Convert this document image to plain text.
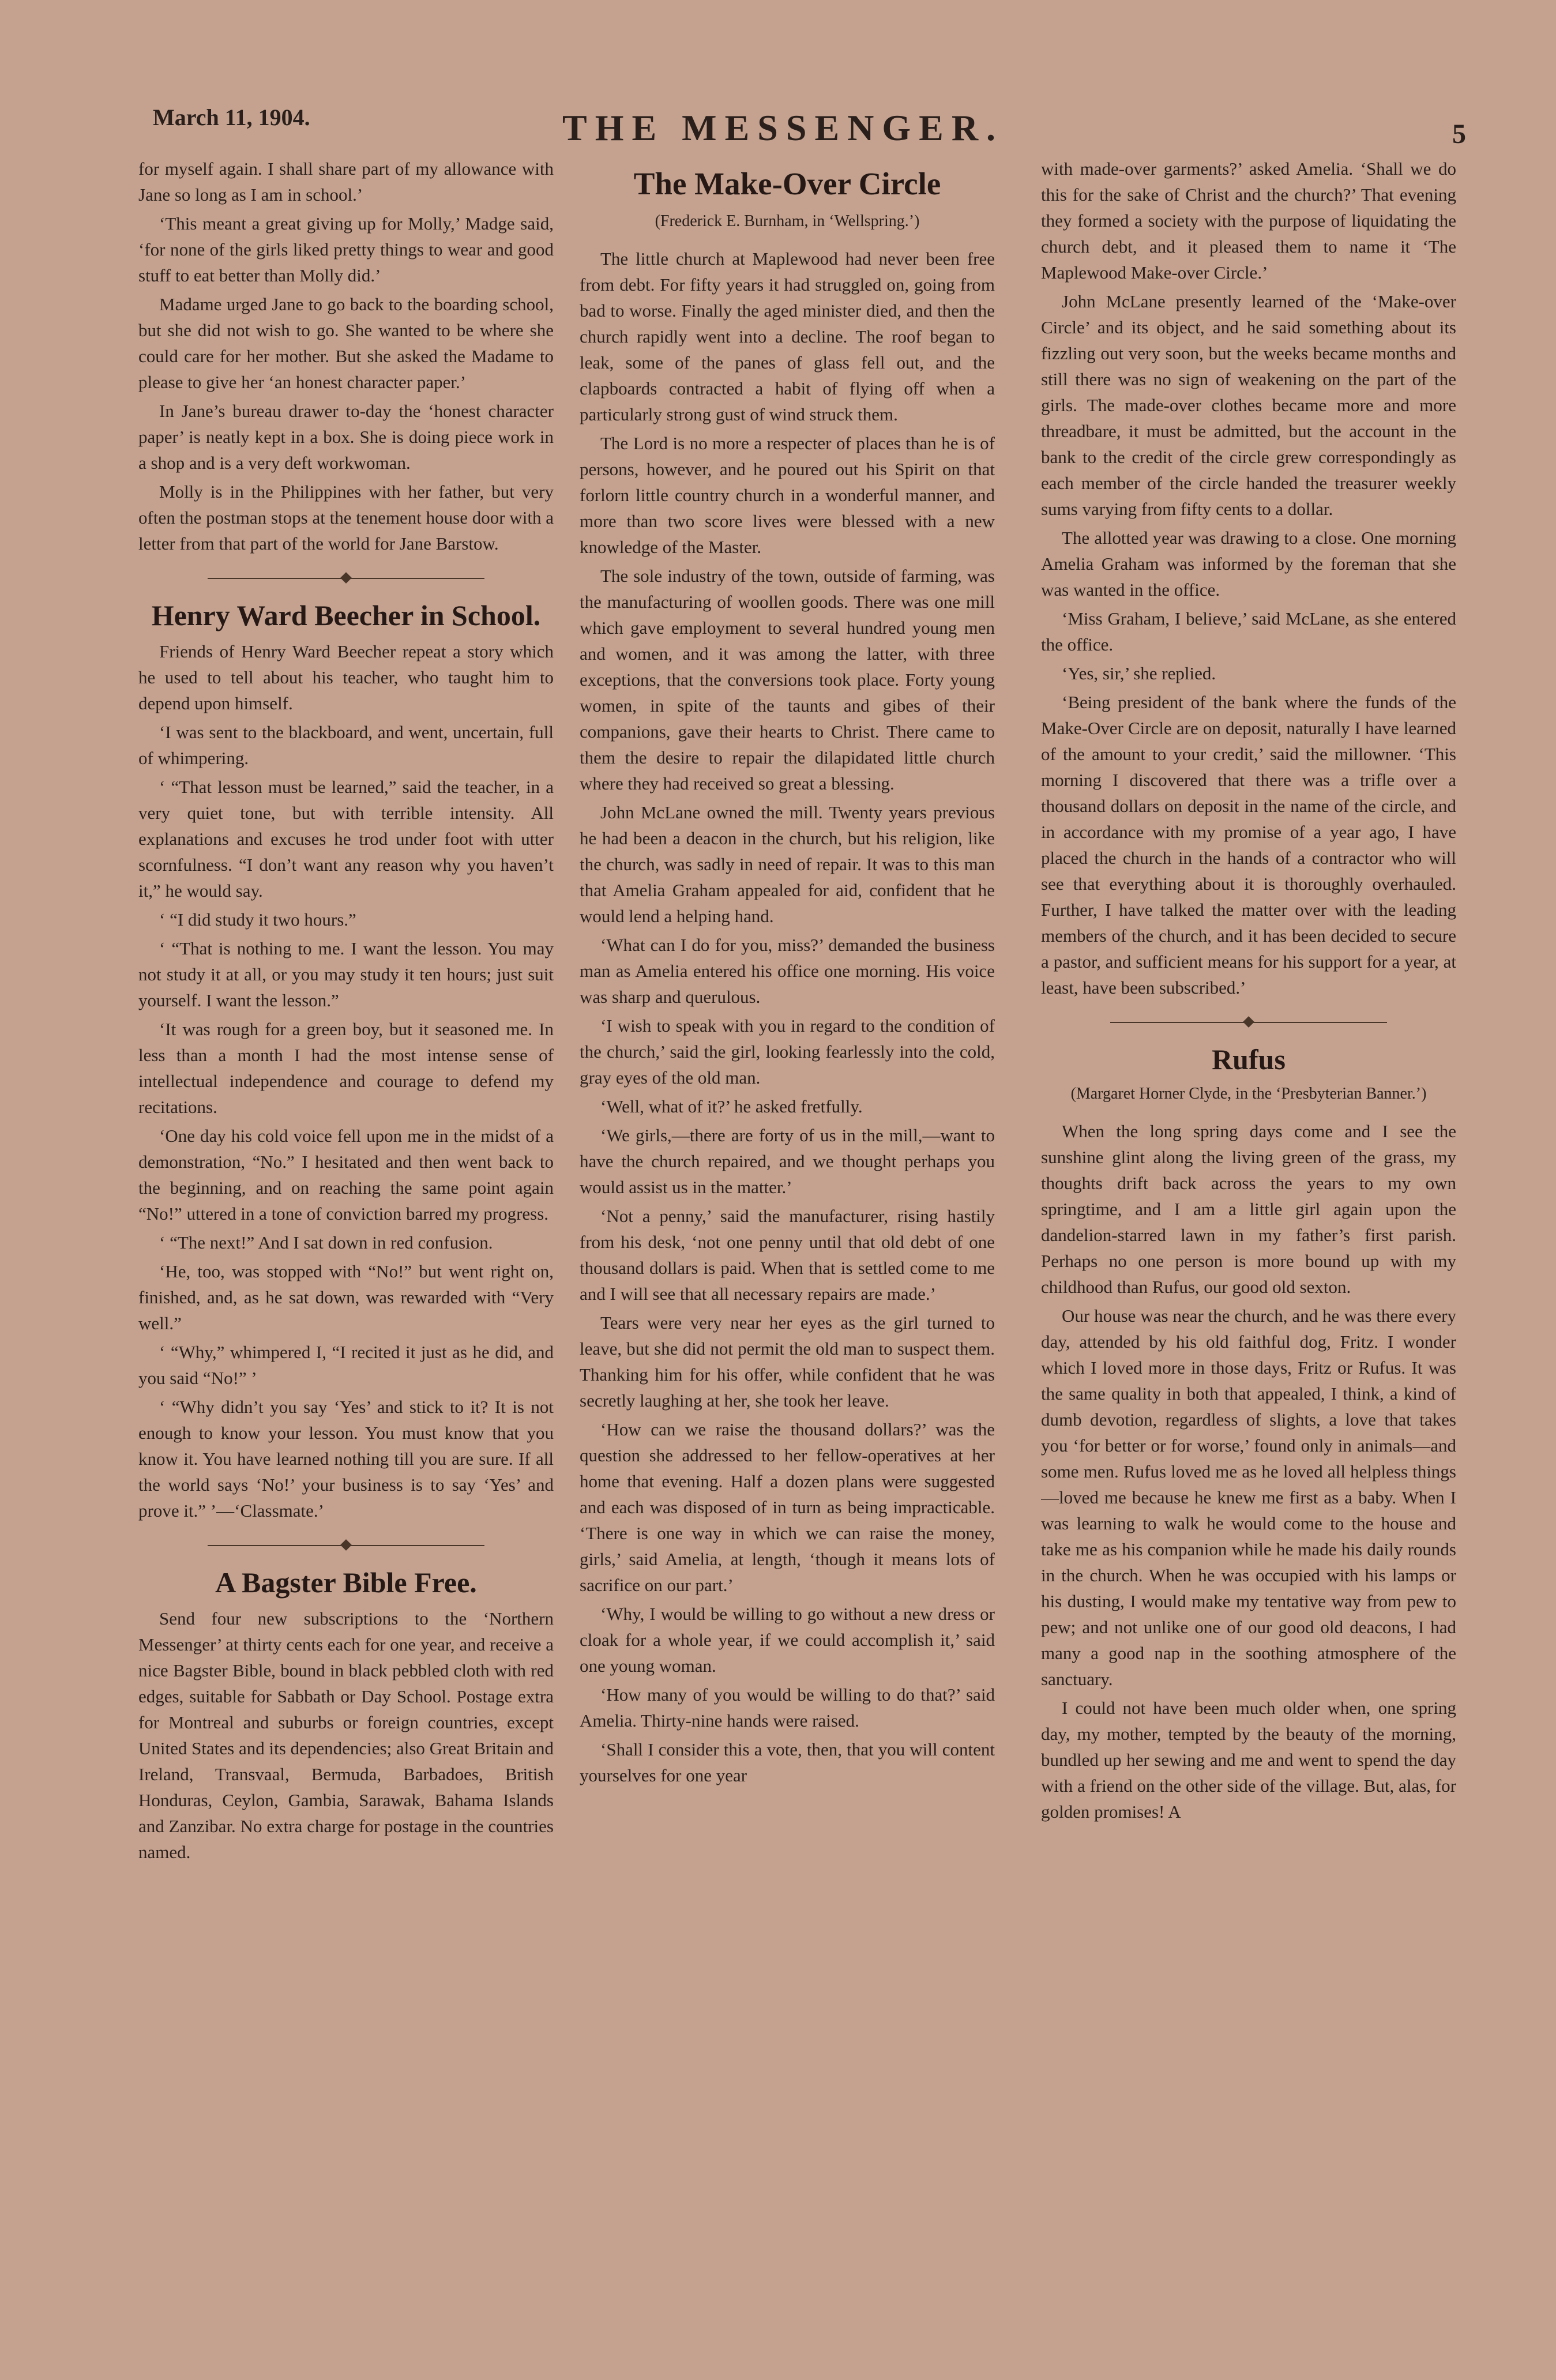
March 11, 1904.	THE MESSENGER.	5

for myself again. I shall share part of my allowance with Jane so long as I am in school.’

‘This meant a great giving up for Molly,’ Madge said, ‘for none of the girls liked pretty things to wear and good stuff to eat better than Molly did.’

Madame urged Jane to go back to the boarding school, but she did not wish to go. She wanted to be where she could care for her mother. But she asked the Madame to please to give her ‘an honest character paper.’

In Jane’s bureau drawer to-day the ‘honest character paper’ is neatly kept in a box. She is doing piece work in a shop and is a very deft workwoman.

Molly is in the Philippines with her father, but very often the postman stops at the tenement house door with a letter from that part of the world for Jane Barstow.

Henry Ward Beecher in School.

Friends of Henry Ward Beecher repeat a story which he used to tell about his teacher, who taught him to depend upon himself.

‘I was sent to the blackboard, and went, uncertain, full of whimpering.

‘ “That lesson must be learned,” said the teacher, in a very quiet tone, but with terrible intensity. All explanations and excuses he trod under foot with utter scornfulness. “I don’t want any reason why you haven’t it,” he would say.

‘ “I did study it two hours.”

‘ “That is nothing to me. I want the lesson. You may not study it at all, or you may study it ten hours; just suit yourself. I want the lesson.”

‘It was rough for a green boy, but it seasoned me. In less than a month I had the most intense sense of intellectual independence and courage to defend my recitations.

‘One day his cold voice fell upon me in the midst of a demonstration, “No.” I hesitated and then went back to the beginning, and on reaching the same point again “No!” uttered in a tone of conviction barred my progress.

‘ “The next!” And I sat down in red confusion.

‘He, too, was stopped with “No!” but went right on, finished, and, as he sat down, was rewarded with “Very well.”

‘ “Why,” whimpered I, “I recited it just as he did, and you said “No!” ’

‘ “Why didn’t you say ‘Yes’ and stick to it? It is not enough to know your lesson. You must know that you know it. You have learned nothing till you are sure. If all the world says ‘No!’ your business is to say ‘Yes’ and prove it.” ’—‘Classmate.’

A Bagster Bible Free.

Send four new subscriptions to the ‘Northern Messenger’ at thirty cents each for one year, and receive a nice Bagster Bible, bound in black pebbled cloth with red edges, suitable for Sabbath or Day School. Postage extra for Montreal and suburbs or foreign countries, except United States and its dependencies; also Great Britain and Ireland, Transvaal, Bermuda, Barbadoes, British Honduras, Ceylon, Gambia, Sarawak, Bahama Islands and Zanzibar. No extra charge for postage in the countries named.

The Make-Over Circle
(Frederick E. Burnham, in ‘Wellspring.’)

The little church at Maplewood had never been free from debt. For fifty years it had struggled on, going from bad to worse. Finally the aged minister died, and then the church rapidly went into a decline. The roof began to leak, some of the panes of glass fell out, and the clapboards contracted a habit of flying off when a particularly strong gust of wind struck them.

The Lord is no more a respecter of places than he is of persons, however, and he poured out his Spirit on that forlorn little country church in a wonderful manner, and more than two score lives were blessed with a new knowledge of the Master.

The sole industry of the town, outside of farming, was the manufacturing of woollen goods. There was one mill which gave employment to several hundred young men and women, and it was among the latter, with three exceptions, that the conversions took place. Forty young women, in spite of the taunts and gibes of their companions, gave their hearts to Christ. There came to them the desire to repair the dilapidated little church where they had received so great a blessing.

John McLane owned the mill. Twenty years previous he had been a deacon in the church, but his religion, like the church, was sadly in need of repair. It was to this man that Amelia Graham appealed for aid, confident that he would lend a helping hand.

‘What can I do for you, miss?’ demanded the business man as Amelia entered his office one morning. His voice was sharp and querulous.

‘I wish to speak with you in regard to the condition of the church,’ said the girl, looking fearlessly into the cold, gray eyes of the old man.

‘Well, what of it?’ he asked fretfully.

‘We girls,—there are forty of us in the mill,—want to have the church repaired, and we thought perhaps you would assist us in the matter.’

‘Not a penny,’ said the manufacturer, rising hastily from his desk, ‘not one penny until that old debt of one thousand dollars is paid. When that is settled come to me and I will see that all necessary repairs are made.’

Tears were very near her eyes as the girl turned to leave, but she did not permit the old man to suspect them. Thanking him for his offer, while confident that he was secretly laughing at her, she took her leave.

‘How can we raise the thousand dollars?’ was the question she addressed to her fellow-operatives at her home that evening. Half a dozen plans were suggested and each was disposed of in turn as being impracticable. ‘There is one way in which we can raise the money, girls,’ said Amelia, at length, ‘though it means lots of sacrifice on our part.’

‘Why, I would be willing to go without a new dress or cloak for a whole year, if we could accomplish it,’ said one young woman.

‘How many of you would be willing to do that?’ said Amelia. Thirty-nine hands were raised.

‘Shall I consider this a vote, then, that you will content yourselves for one year

with made-over garments?’ asked Amelia. ‘Shall we do this for the sake of Christ and the church?’ That evening they formed a society with the purpose of liquidating the church debt, and it pleased them to name it ‘The Maplewood Make-over Circle.’

John McLane presently learned of the ‘Make-over Circle’ and its object, and he said something about its fizzling out very soon, but the weeks became months and still there was no sign of weakening on the part of the girls. The made-over clothes became more and more threadbare, it must be admitted, but the account in the bank to the credit of the circle grew correspondingly as each member of the circle handed the treasurer weekly sums varying from fifty cents to a dollar.

The allotted year was drawing to a close. One morning Amelia Graham was informed by the foreman that she was wanted in the office.

‘Miss Graham, I believe,’ said McLane, as she entered the office.

‘Yes, sir,’ she replied.

‘Being president of the bank where the funds of the Make-Over Circle are on deposit, naturally I have learned of the amount to your credit,’ said the millowner. ‘This morning I discovered that there was a trifle over a thousand dollars on deposit in the name of the circle, and in accordance with my promise of a year ago, I have placed the church in the hands of a contractor who will see that everything about it is thoroughly overhauled. Further, I have talked the matter over with the leading members of the church, and it has been decided to secure a pastor, and sufficient means for his support for a year, at least, have been subscribed.’

Rufus
(Margaret Horner Clyde, in the ‘Presbyterian Banner.’)

When the long spring days come and I see the sunshine glint along the living green of the grass, my thoughts drift back across the years to my own springtime, and I am a little girl again upon the dandelion-starred lawn in my father’s first parish. Perhaps no one person is more bound up with my childhood than Rufus, our good old sexton.

Our house was near the church, and he was there every day, attended by his old faithful dog, Fritz. I wonder which I loved more in those days, Fritz or Rufus. It was the same quality in both that appealed, I think, a kind of dumb devotion, regardless of slights, a love that takes you ‘for better or for worse,’ found only in animals—and some men. Rufus loved me as he loved all helpless things—loved me because he knew me first as a baby. When I was learning to walk he would come to the house and take me as his companion while he made his daily rounds in the church. When he was occupied with his lamps or his dusting, I would make my tentative way from pew to pew; and not unlike one of our good old deacons, I had many a good nap in the soothing atmosphere of the sanctuary.

I could not have been much older when, one spring day, my mother, tempted by the beauty of the morning, bundled up her sewing and me and went to spend the day with a friend on the other side of the village. But, alas, for golden promises! A
